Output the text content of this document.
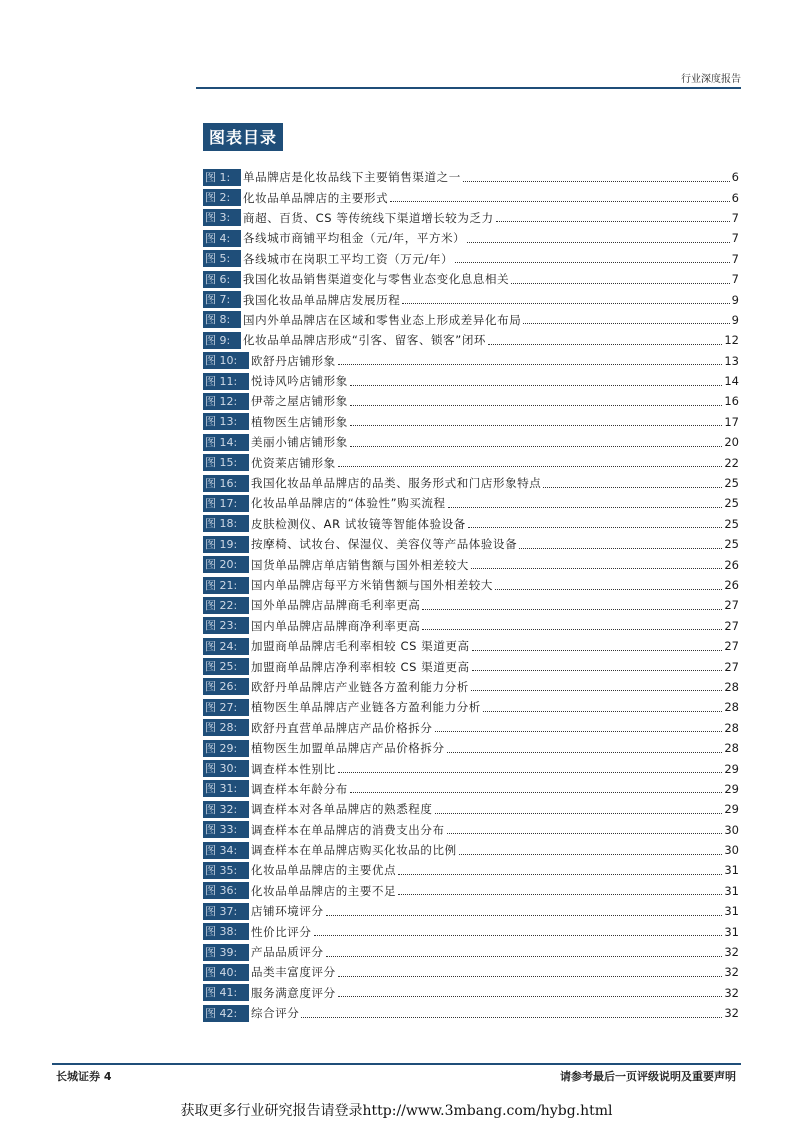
行业深度报告
图表目录
图 1:	单品牌店是化妆品线下主要销售渠道之一	6
图 2:	化妆品单品牌店的主要形式	6
图 3:	商超、百货、CS 等传统线下渠道增长较为乏力	7
图 4:	各线城市商铺平均租金（元/年，平方米）	7
图 5:	各线城市在岗职工平均工资（万元/年）	7
图 6:	我国化妆品销售渠道变化与零售业态变化息息相关	7
图 7:	我国化妆品单品牌店发展历程	9
图 8:	国内外单品牌店在区域和零售业态上形成差异化布局	9
图 9:	化妆品单品牌店形成“引客、留客、锁客”闭环	12
图 10:	欧舒丹店铺形象	13
图 11:	悦诗风吟店铺形象	14
图 12:	伊蒂之屋店铺形象	16
图 13:	植物医生店铺形象	17
图 14:	美丽小铺店铺形象	20
图 15:	优资莱店铺形象	22
图 16:	我国化妆品单品牌店的品类、服务形式和门店形象特点	25
图 17:	化妆品单品牌店的“体验性”购买流程	25
图 18:	皮肤检测仪、AR 试妆镜等智能体验设备	25
图 19:	按摩椅、试妆台、保湿仪、美容仪等产品体验设备	25
图 20:	国货单品牌店单店销售额与国外相差较大	26
图 21:	国内单品牌店每平方米销售额与国外相差较大	26
图 22:	国外单品牌店品牌商毛利率更高	27
图 23:	国内单品牌店品牌商净利率更高	27
图 24:	加盟商单品牌店毛利率相较 CS 渠道更高	27
图 25:	加盟商单品牌店净利率相较 CS 渠道更高	27
图 26:	欧舒丹单品牌店产业链各方盈利能力分析	28
图 27:	植物医生单品牌店产业链各方盈利能力分析	28
图 28:	欧舒丹直营单品牌店产品价格拆分	28
图 29:	植物医生加盟单品牌店产品价格拆分	28
图 30:	调查样本性别比	29
图 31:	调查样本年龄分布	29
图 32:	调查样本对各单品牌店的熟悉程度	29
图 33:	调查样本在单品牌店的消费支出分布	30
图 34:	调查样本在单品牌店购买化妆品的比例	30
图 35:	化妆品单品牌店的主要优点	31
图 36:	化妆品单品牌店的主要不足	31
图 37:	店铺环境评分	31
图 38:	性价比评分	31
图 39:	产品品质评分	32
图 40:	品类丰富度评分	32
图 41:	服务满意度评分	32
图 42:	综合评分	32
长城证券 4	请参考最后一页评级说明及重要声明
获取更多行业研究报告请登录http://www.3mbang.com/hybg.html
